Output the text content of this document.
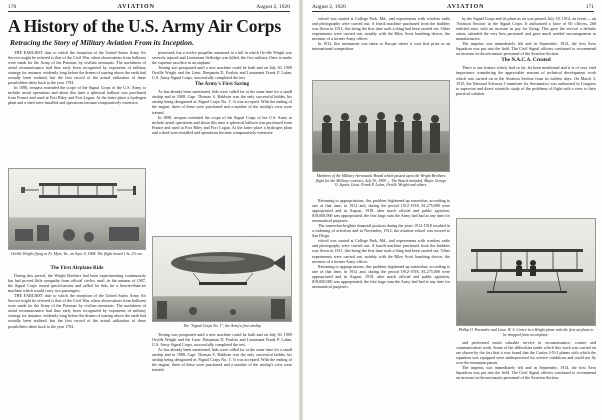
170	AVIATION	August 2, 1920
A History of the U.S. Army Air Corps
Retracing the Story of Military Aviation From its Inception.

THE EARLIEST date to which the inception of the United States Army Air Service might be referred is that of the Civil War, when observations from balloons were made for the Army of the Potomac by civilian aeronauts. The usefulness of aerial reconnaissance had thus early been recognized by exponents of military strategy for instance, evidently long before the dream of soaring above the earth had actually been realized, but the first record of the actual utilization of these possibilities dates back to the year 1794.

In 1898, trespass extended the scope of the Signal Corps of the U.S. Army to include aerial operations and about this time a spherical balloon was purchased from France and used at Fort Riley and Fort Logan. At the latter place a hydrogen plant and a shed were installed and operations became comparatively extensive.

Orville Wright flying at Ft. Myer, Va., on Sept. 9, 1908. The flight lasted 1 hr. 2½ sec.
The First Airplane Ride

During this period, the Wright Brothers had been experimenting continuously but had proved little sympathy from official circles, until, in the autumn of 1907, the Signal Corps issued specifications and called for bids for a heavier-than-air machine which would carry two passengers.

THE EARLIEST date to which the inception of the United States Army Air Service might be referred is that of the Civil War, when observations from balloons were made for the Army of the Potomac by civilian aeronauts. The usefulness of aerial reconnaissance had thus early been recognized by exponents of military strategy for instance, evidently long before the dream of soaring above the earth had actually been realized, but the first record of the actual utilization of these possibilities dates back to the year 1794.

possessed, but a twelve propeller remained in a lull in which Orville Wright was severely injured and Lieutenant Selfridge was killed, the first military fliers to make the supreme sacrifice in an airplane.

Testing was postponed until a new machine could be built and on July 30, 1909 Orville Wright and the Lieut. Benjamin D. Foulois and Lieutenant Frank P. Lahm, U.S. Army Signal Corps, successfully completed the test.

The Army's First Saving

As has already been mentioned, bids were called for at the same time for a small airship and in 1908, Capt. Thomas S. Baldwin was the only successful bidder, his airship being designated as 'Signal Corps No. 1'. It was accepted. With the ending of the engine, three of these were purchased and a number of the airship's crew were trained.

In 1898, trespass extended the scope of the Signal Corps of the U.S. Army to include aerial operations and about this time a spherical balloon was purchased from France and used at Fort Riley and Fort Logan. At the latter place a hydrogen plant and a shed were installed and operations became comparatively extensive.

The "Signal Corps No. 1", the Army's first airship

Testing was postponed until a new machine could be built and on July 30, 1909 Orville Wright and the Lieut. Benjamin D. Foulois and Lieutenant Frank P. Lahm, U.S. Army Signal Corps, successfully completed the test.

As has already been mentioned, bids were called for at the same time for a small airship and in 1908, Capt. Thomas S. Baldwin was the only successful bidder, his airship being designated as 'Signal Corps No. 1'. It was accepted. With the ending of the engine, three of these were purchased and a number of the airship's crew were trained.

August 2, 1920	AVIATION	171

school was started at College Park, Md., and experiments with wireless radio and photography were carried out. A fourth machine purchased from the builders was flown in 1911, this being the first time such a thing had been carried out. Other experiments were carried out, notably with the Riley Scott bombing device, the inventor of a former Army officer.

In 1912, this instrument was taken to Europe where it won first prize in an international competition.

Members of the Military Aeronautic Board which passed upon the Wright Brothers flight for the Military contract, July 30, 1909 — The Board included, Major George O. Squier, Lieut. Frank P. Lahm, Orville Wright and others.

Returning to appropriations, this problem frightened up somewhat, according to one of that time, in 1912 and, during the period 1912-1918, $1,275,000 were appropriated and in August, 1918, after much official and public agitation, $18,000,000 was appropriated, the first large sum the Army had had at any time for aeronautical purposes.

The somewhat brighter financial position during the years 1912-1918 resulted in a widening of activities and in November, 1912, the aviation school was moved to San Diego.

school was started at College Park, Md., and experiments with wireless radio and photography were carried out. A fourth machine purchased from the builders was flown in 1911, this being the first time such a thing had been carried out. Other experiments were carried out, notably with the Riley Scott bombing device, the inventor of a former Army officer.

Returning to appropriations, this problem frightened up somewhat, according to one of that time, in 1912 and, during the period 1912-1918, $1,275,000 were appropriated and in August, 1918, after much official and public agitation, $18,000,000 was appropriated, the first large sum the Army had had at any time for aeronautical purposes.

by the Signal Corps and its plans as air was passed; July 18, 1914, an event — an 'Aviation Section' in the Signal Corps. It authorized a force of 60 officers, 260 enlisted men, with an increase in pay for flying. This gave the service a definite status, attended the very best personnel and gave much needed encouragement to manufacturers.

The impetus was immediately felt and in September, 1914, the first Aero Squadron was put into the field. The Civil Signal officers continued to recommend an increase in the aeronautic personnel of the Aviation Section.

The N.A.C.A. Created

There is one feature which, had so far, let been mentioned and it is of very vital importance considering the appreciable amount of technical development work which was carried on in the Aviation Section from its earliest days. On March 3, 1915, the National Advisory Committee for Aeronautics was authorized in Congress to supervise and direct scientific study of the problems of flight with a view to their practical solution.

Phillip O. Parmalee and Lieut. W. S. Crowe in a Wright plane with the first airplane to be dropped from an airplane.

and performed much valuable service in reconnaissance, courier and communication work. Some of the difficulties under which this work was carried on are shown by the fact that it was found that the Curtiss J-N-2 planes with which the squadron was equipped were underpowered for service conditions and could not fly over the mountain passes.

The impetus was immediately felt and in September, 1914, the first Aero Squadron was put into the field. The Civil Signal officers continued to recommend an increase in the aeronautic personnel of the Aviation Section.
